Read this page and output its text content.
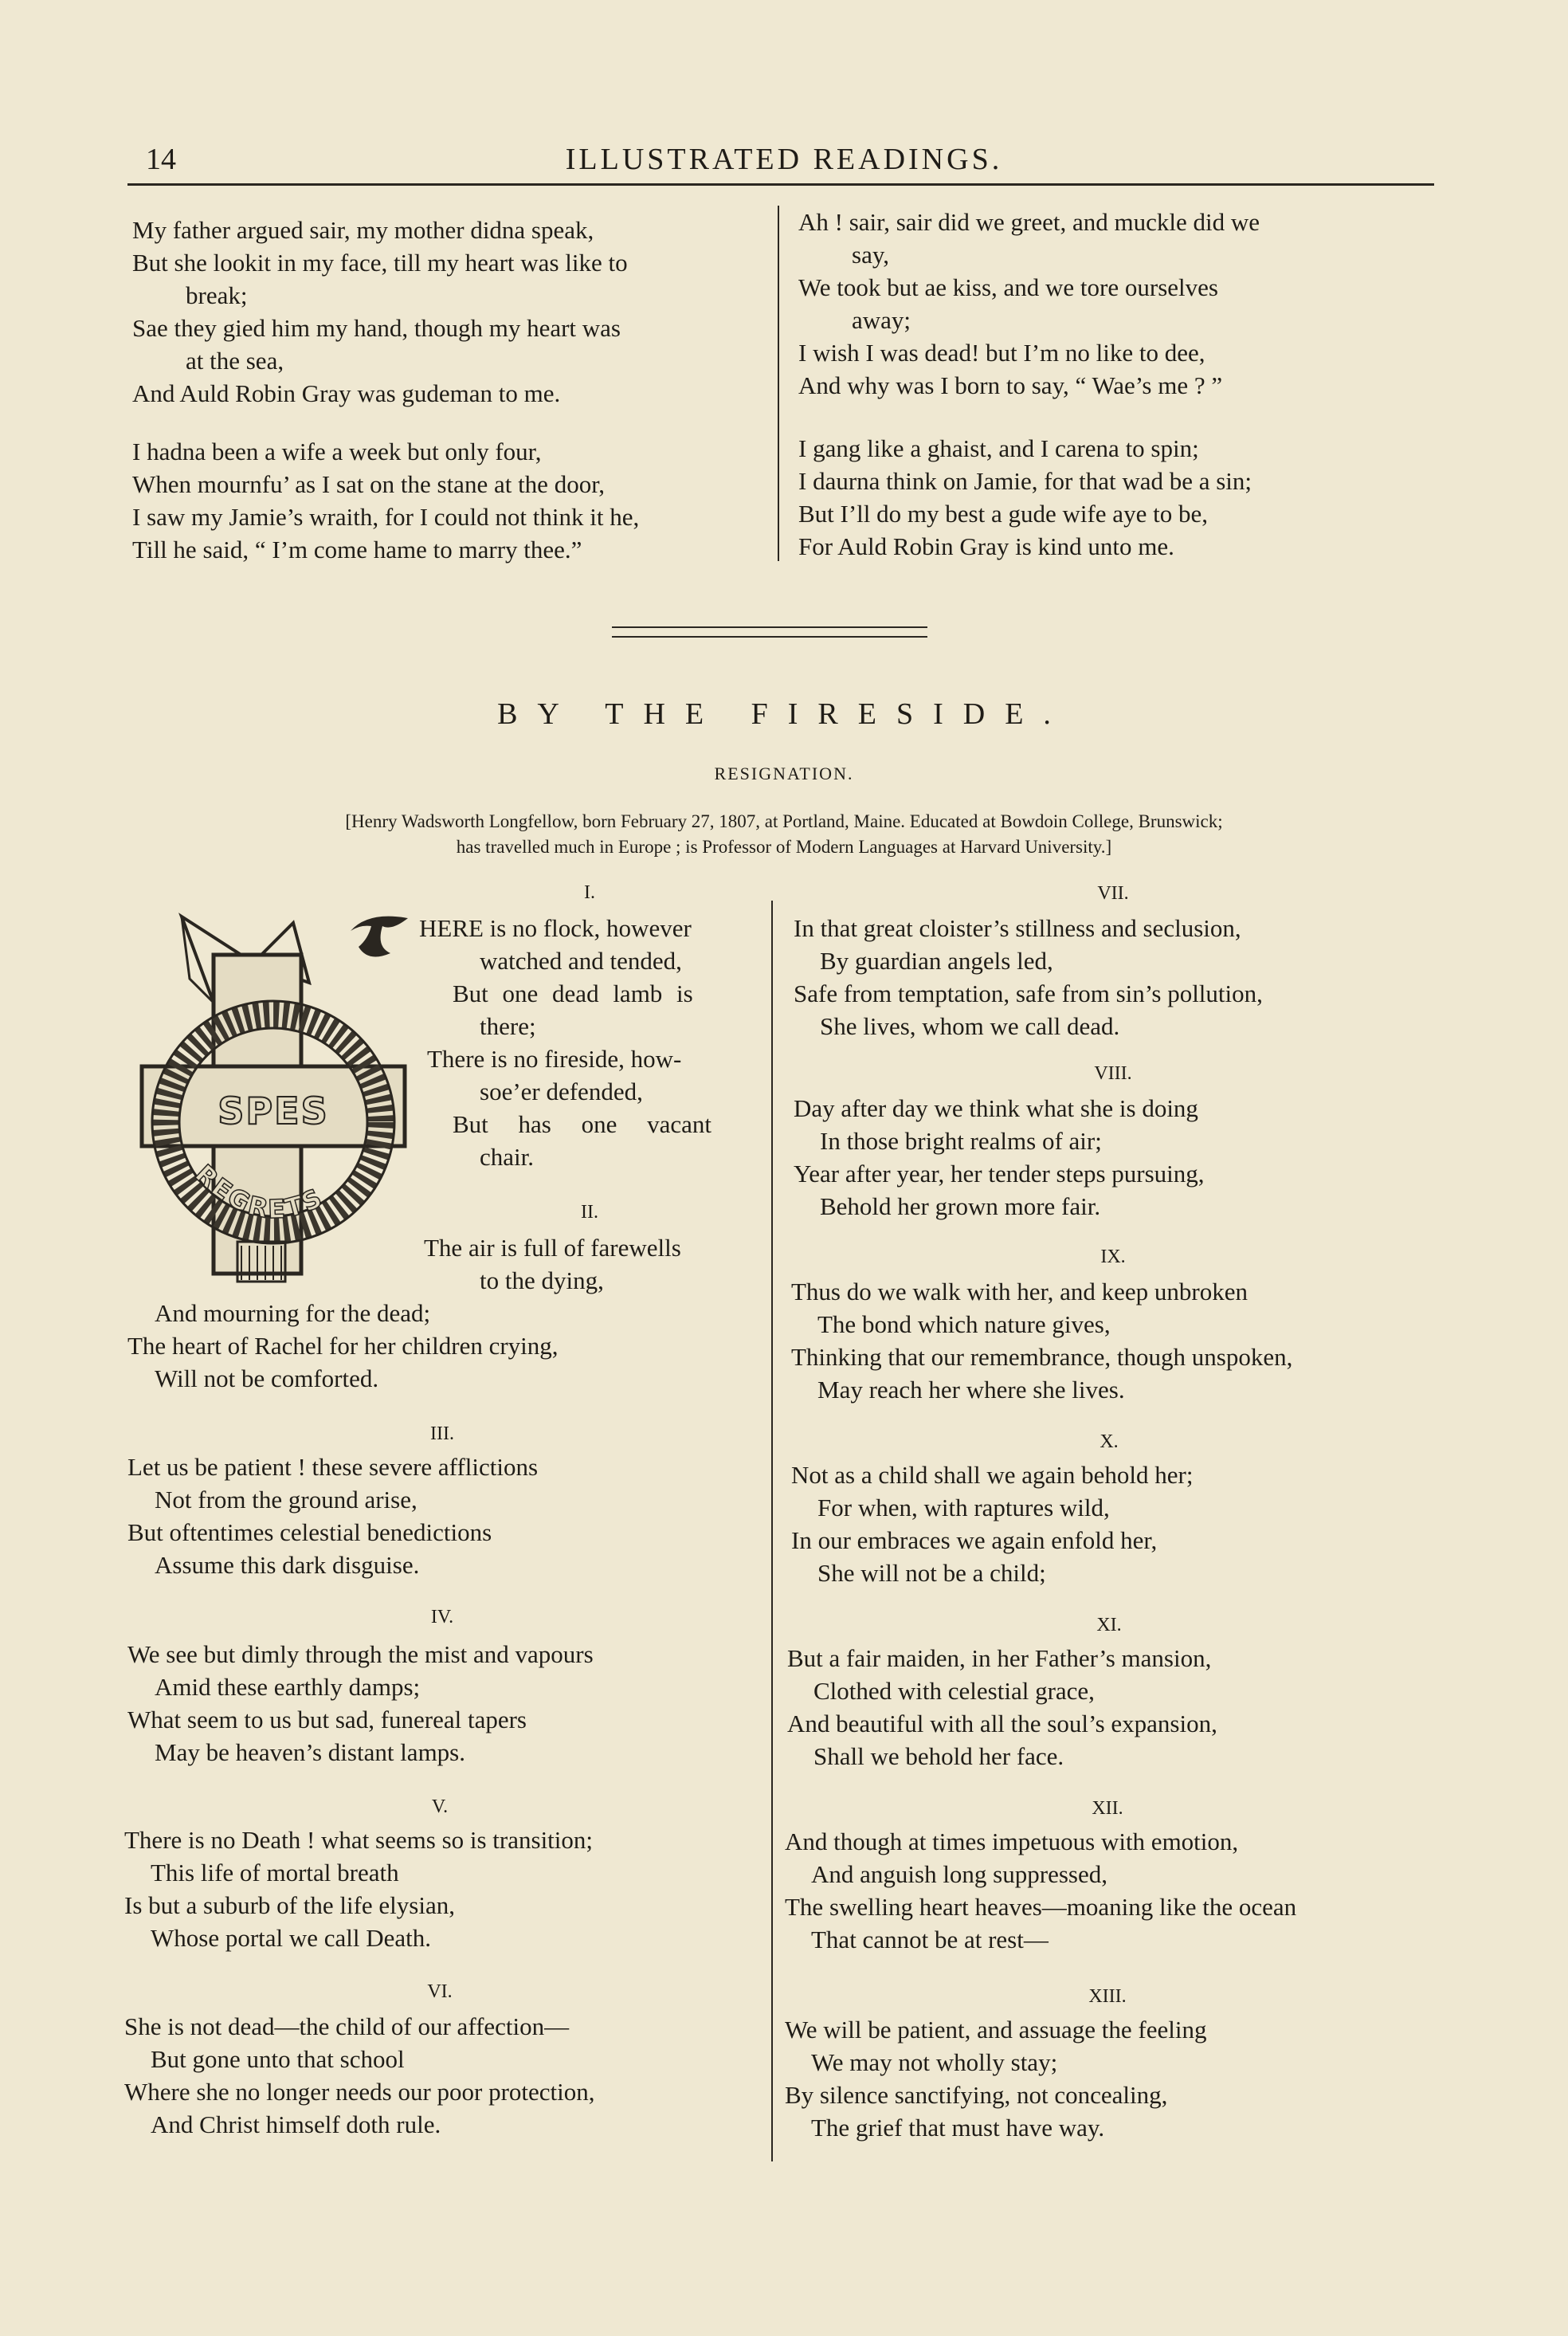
14	ILLUSTRATED READINGS.
My father argued sair, my mother didna speak,
But she lookit in my face, till my heart was like to
break;
Sae they gied him my hand, though my heart was
at the sea,
And Auld Robin Gray was gudeman to me.
I hadna been a wife a week but only four,
When mournfu’ as I sat on the stane at the door,
I saw my Jamie’s wraith, for I could not think it he,
Till he said, “ I’m come hame to marry thee.”
Ah ! sair, sair did we greet, and muckle did we
say,
We took but ae kiss, and we tore ourselves
away;
I wish I was dead! but I’m no like to dee,
And why was I born to say, “ Wae’s me ? ”
I gang like a ghaist, and I carena to spin;
I daurna think on Jamie, for that wad be a sin;
But I’ll do my best a gude wife aye to be,
For Auld Robin Gray is kind unto me.
BY THE FIRESIDE.
RESIGNATION.
[Henry Wadsworth Longfellow, born February 27, 1807, at Portland, Maine. Educated at Bowdoin College, Brunswick;
has travelled much in Europe ; is Professor of Modern Languages at Harvard University.]
SPES
REGRETS
I.
HERE is no flock, however
watched and tended,
But one dead lamb is
there;
There is no fireside, how-
soe’er defended,
But has one vacant
chair.
II.
The air is full of farewells
to the dying,
And mourning for the dead;
The heart of Rachel for her children crying,
Will not be comforted.
III.
Let us be patient ! these severe afflictions
Not from the ground arise,
But oftentimes celestial benedictions
Assume this dark disguise.
IV.
We see but dimly through the mist and vapours
Amid these earthly damps;
What seem to us but sad, funereal tapers
May be heaven’s distant lamps.
V.
There is no Death ! what seems so is transition;
This life of mortal breath
Is but a suburb of the life elysian,
Whose portal we call Death.
VI.
She is not dead—the child of our affection—
But gone unto that school
Where she no longer needs our poor protection,
And Christ himself doth rule.
VII.
In that great cloister’s stillness and seclusion,
By guardian angels led,
Safe from temptation, safe from sin’s pollution,
She lives, whom we call dead.
VIII.
Day after day we think what she is doing
In those bright realms of air;
Year after year, her tender steps pursuing,
Behold her grown more fair.
IX.
Thus do we walk with her, and keep unbroken
The bond which nature gives,
Thinking that our remembrance, though unspoken,
May reach her where she lives.
X.
Not as a child shall we again behold her;
For when, with raptures wild,
In our embraces we again enfold her,
She will not be a child;
XI.
But a fair maiden, in her Father’s mansion,
Clothed with celestial grace,
And beautiful with all the soul’s expansion,
Shall we behold her face.
XII.
And though at times impetuous with emotion,
And anguish long suppressed,
The swelling heart heaves—moaning like the ocean
That cannot be at rest—
XIII.
We will be patient, and assuage the feeling
We may not wholly stay;
By silence sanctifying, not concealing,
The grief that must have way.
